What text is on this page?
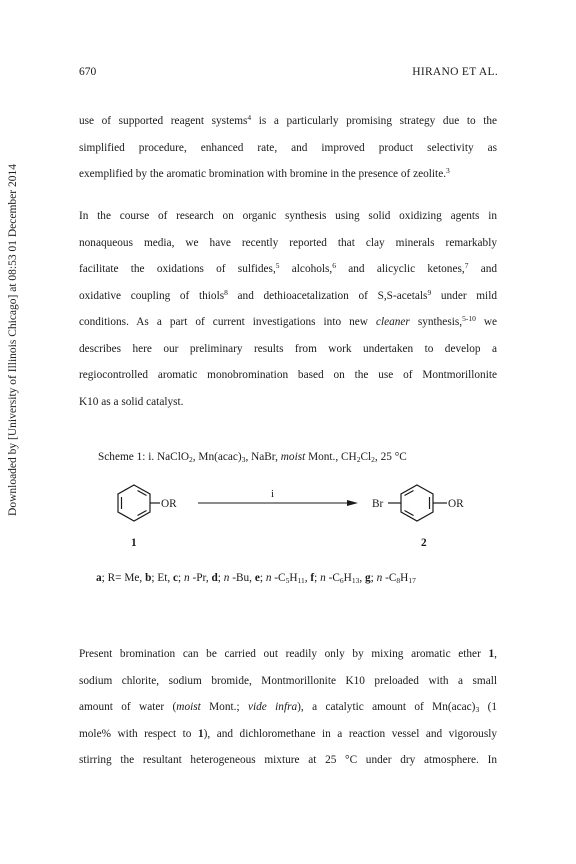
Downloaded by [University of Illinois Chicago] at 08:53 01 December 2014
670	HIRANO ET AL.
use of supported reagent systems$^4$ is a particularly promising strategy due to the
simplified procedure, enhanced rate, and improved product selectivity as
exemplified by the aromatic bromination with bromine in the presence of zeolite.$^3$
In the course of research on organic synthesis using solid oxidizing agents in
nonaqueous media, we have recently reported that clay minerals remarkably
facilitate the oxidations of sulfides,$^5$ alcohols,$^6$ and alicyclic ketones,$^7$ and
oxidative coupling of thiols$^8$ and dethioacetalization of S,S-acetals$^9$ under mild
conditions. As a part of current investigations into new cleaner synthesis,$^{5-10}$ we
describes here our preliminary results from work undertaken to develop a
regiocontrolled aromatic monobromination based on the use of Montmorillonite
K10 as a solid catalyst.
Scheme 1: i. NaClO$_2$, $Mn(acac)_3$, NaBr, moist Mont., $CH_2Cl_2$, 25 °C
OR
i
Br	OR
1	2
a; R= Me, b; Et, c; n -Pr, d; n -Bu, e; n $-C_5H_{11}$, f; n $-C_6H_{13}$, g; n $-C_8H_{17}$
Present bromination can be carried out readily only by mixing aromatic ether 1,
sodium chlorite, sodium bromide, Montmorillonite K10 preloaded with a small
amount of water (moist Mont.; vide infra), a catalytic amount of $Mn(acac)_3$ (1
mole% with respect to 1), and dichloromethane in a reaction vessel and vigorously
stirring the resultant heterogeneous mixture at 25 °C under dry atmosphere. In
